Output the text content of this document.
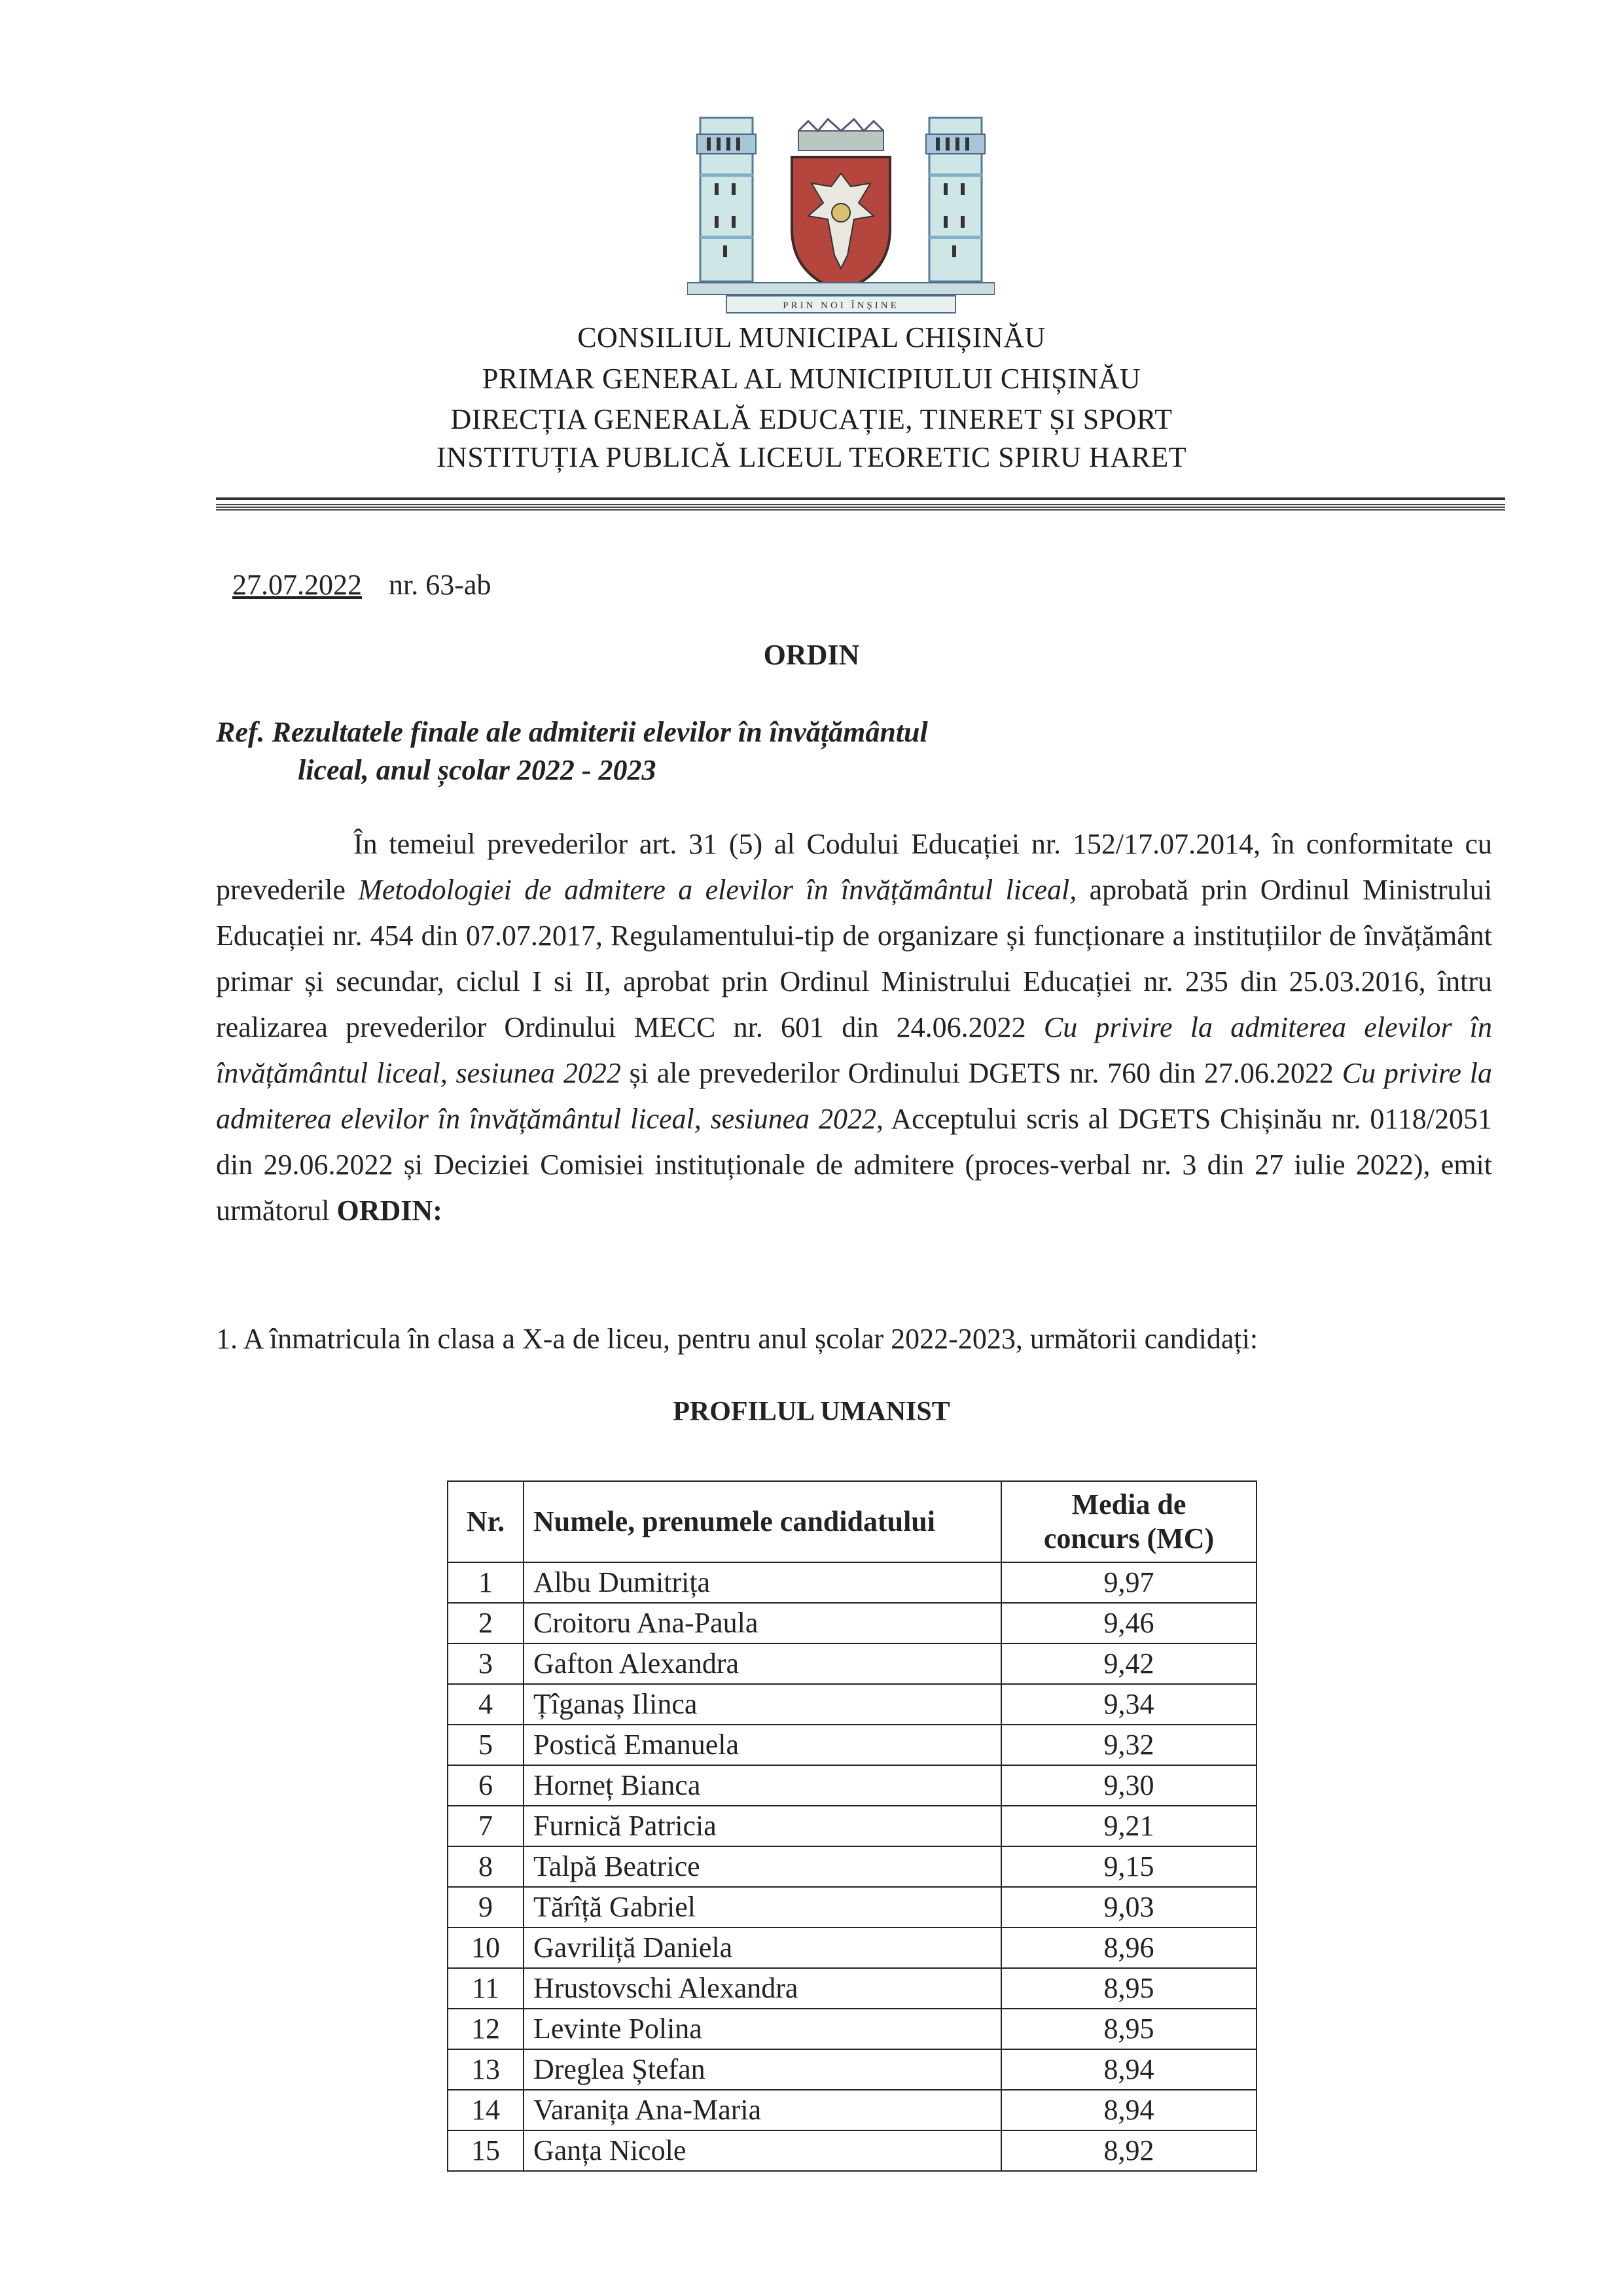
PRIN NOI ÎNȘINE
CONSILIUL MUNICIPAL CHIȘINĂU
PRIMAR GENERAL AL MUNICIPIULUI CHIȘINĂU
DIRECȚIA GENERALĂ EDUCAȚIE, TINERET ȘI SPORT
INSTITUȚIA PUBLICĂ LICEUL TEORETIC SPIRU HARET
27.07.2022 nr. 63-ab
ORDIN
Ref. Rezultatele finale ale admiterii elevilor în învățământul
liceal, anul școlar 2022 - 2023
În temeiul prevederilor art. 31 (5) al Codului Educației nr. 152/17.07.2014, în conformitate cu prevederile Metodologiei de admitere a elevilor în învățământul liceal, aprobată prin Ordinul Ministrului Educației nr. 454 din 07.07.2017, Regulamentului-tip de organizare și funcționare a instituțiilor de învățământ primar și secundar, ciclul I si II, aprobat prin Ordinul Ministrului Educației nr. 235 din 25.03.2016, întru realizarea prevederilor Ordinului MECC nr. 601 din 24.06.2022 Cu privire la admiterea elevilor în învățământul liceal, sesiunea 2022 și ale prevederilor Ordinului DGETS nr. 760 din 27.06.2022 Cu privire la admiterea elevilor în învățământul liceal, sesiunea 2022, Acceptului scris al DGETS Chișinău nr. 0118/2051 din 29.06.2022 și Deciziei Comisiei instituționale de admitere (proces-verbal nr. 3 din 27 iulie 2022), emit următorul ORDIN:
1. A înmatricula în clasa a X-a de liceu, pentru anul școlar 2022-2023, următorii candidați:
PROFILUL UMANIST
Nr.	Numele, prenumele candidatului	Media de
concurs (MC)
1	Albu Dumitrița	9,97
2	Croitoru Ana-Paula	9,46
3	Gafton Alexandra	9,42
4	Țîganaș Ilinca	9,34
5	Postică Emanuela	9,32
6	Horneț Bianca	9,30
7	Furnică Patricia	9,21
8	Talpă Beatrice	9,15
9	Tărîță Gabriel	9,03
10	Gavriliță Daniela	8,96
11	Hrustovschi Alexandra	8,95
12	Levinte Polina	8,95
13	Dreglea Ștefan	8,94
14	Varanița Ana-Maria	8,94
15	Ganța Nicole	8,92
